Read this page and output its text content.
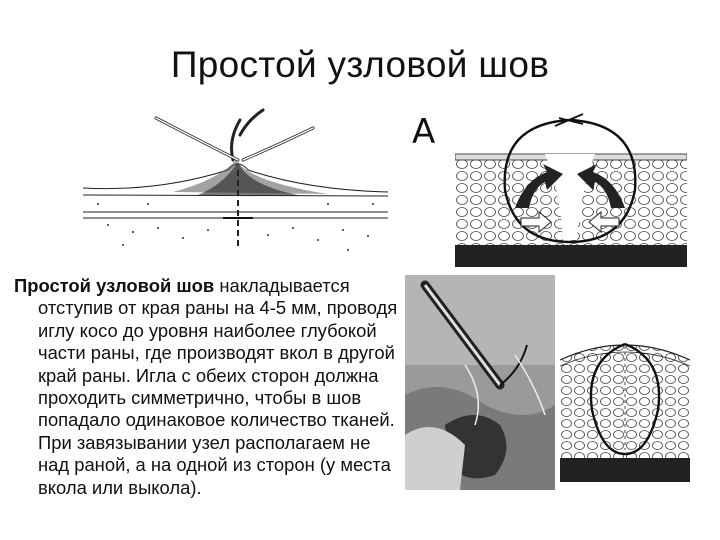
Простой узловой шов
А

Простой узловой шов накладывается отступив от края раны на 4-5 мм, проводя иглу косо до уровня наиболее глубокой части раны, где производят вкол в другой край раны. Игла с обеих сторон должна проходить симметрично, чтобы в шов попадало одинаковое количество тканей. При завязывании узел располагаем не над раной, а на одной из сторон (у места вкола или выкола).
